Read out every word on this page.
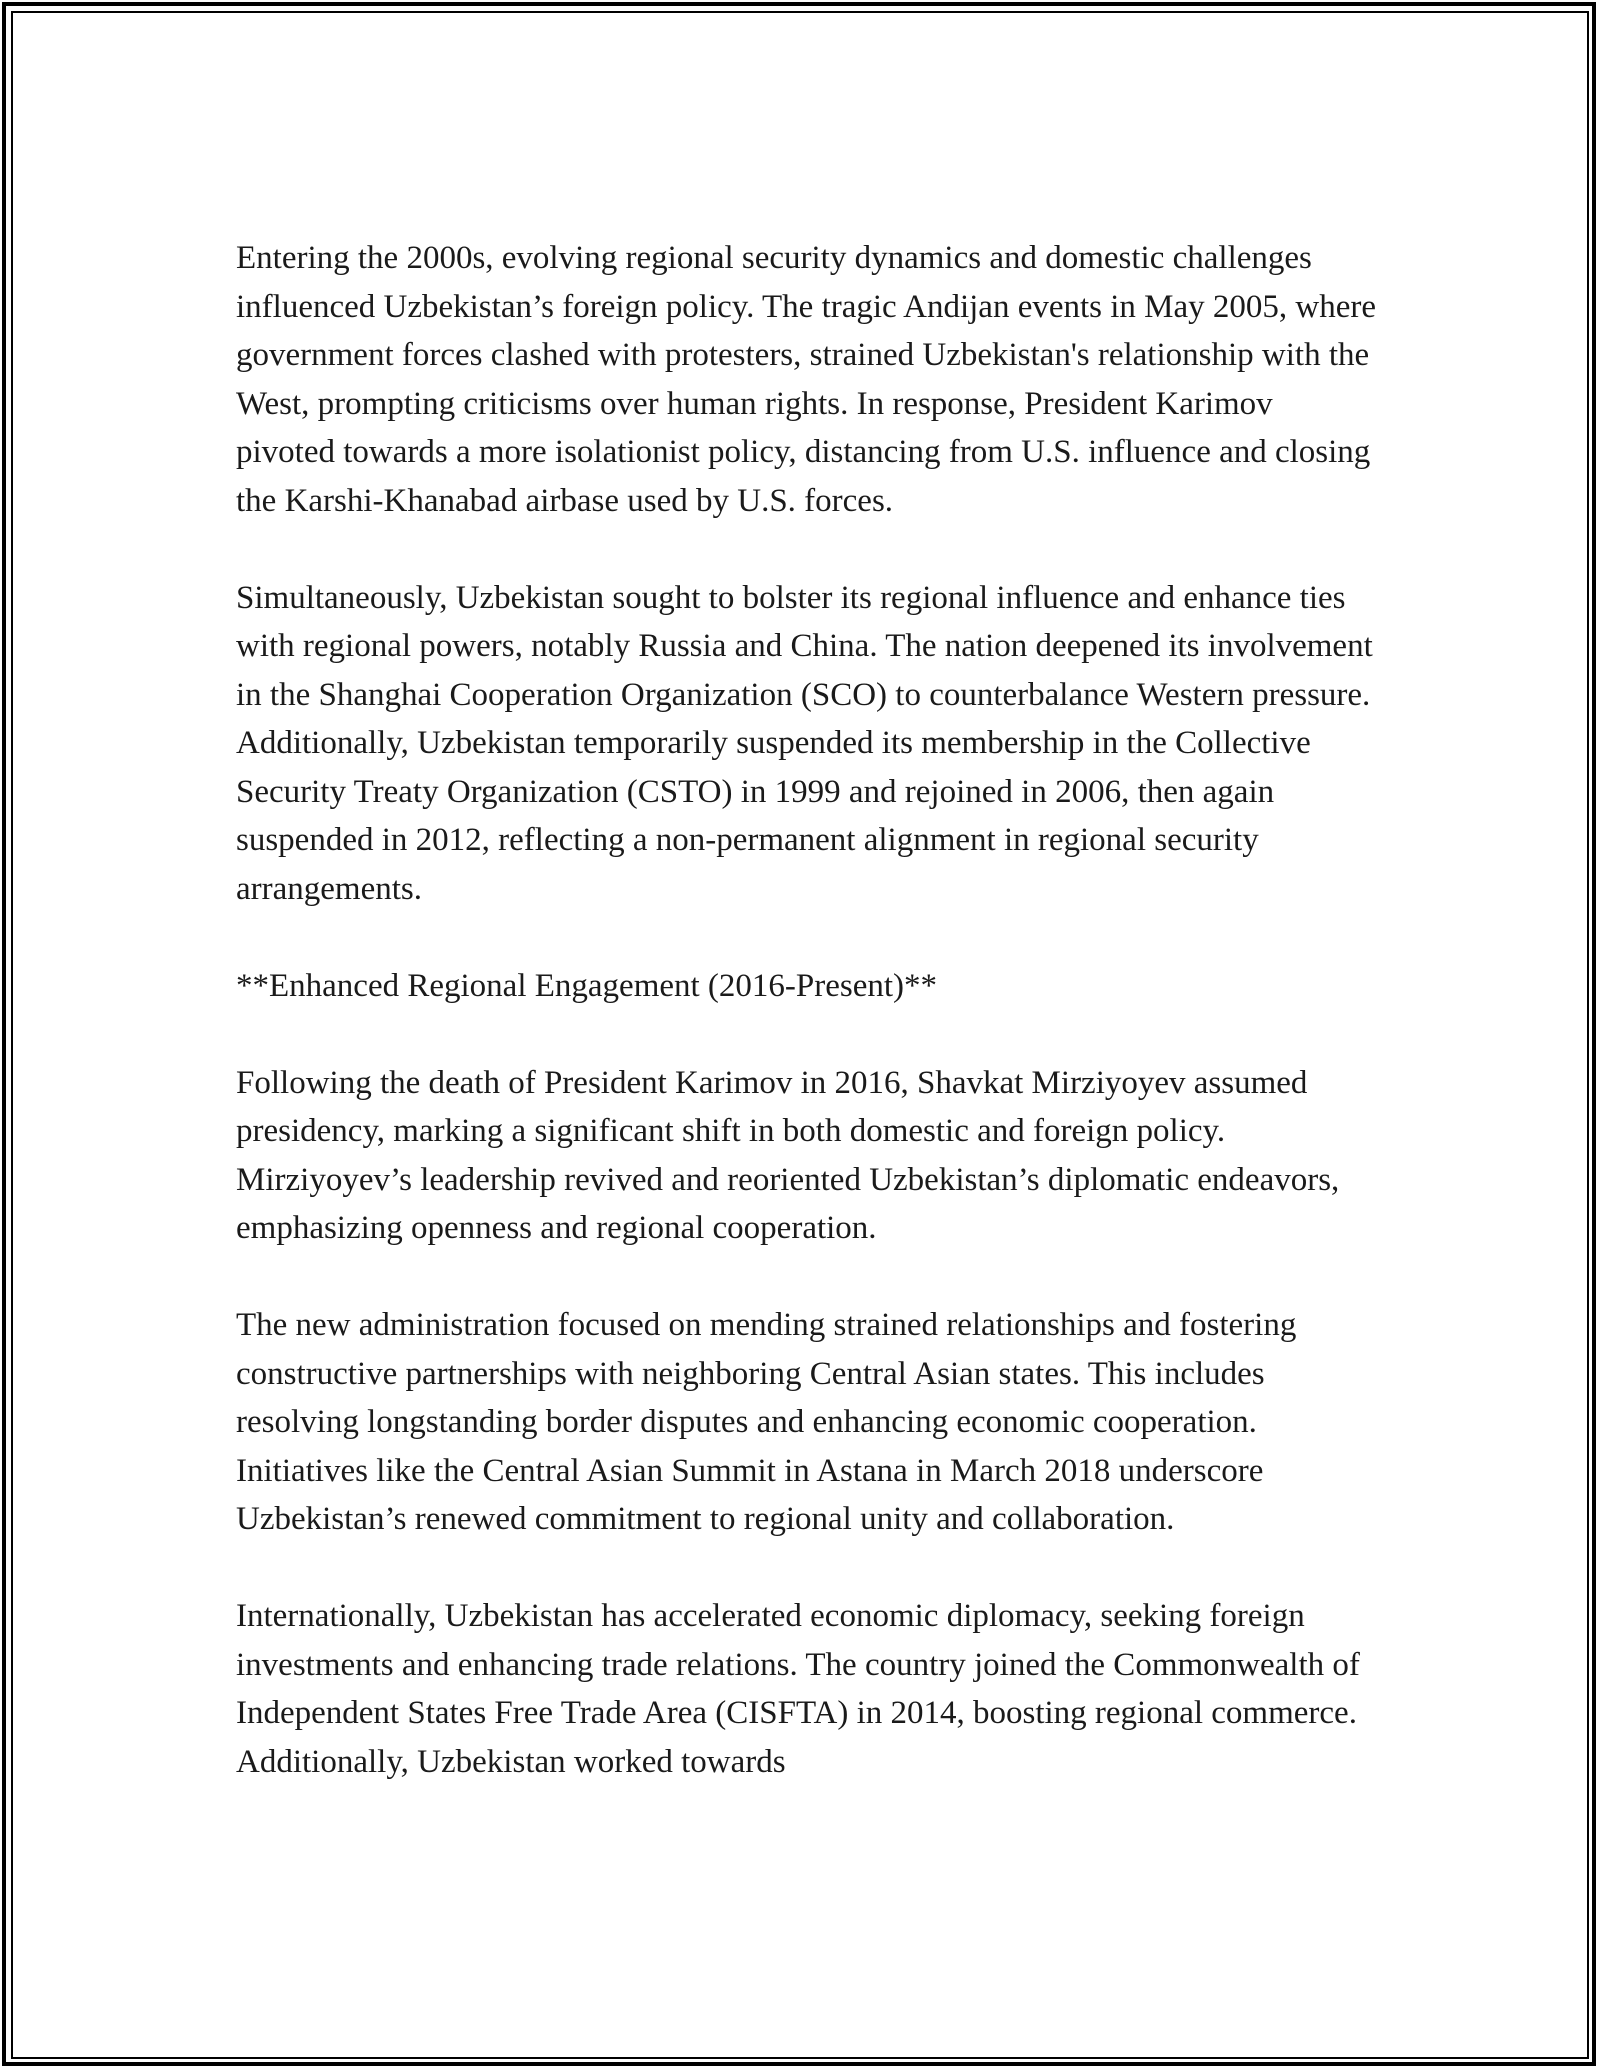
Entering the 2000s, evolving regional security dynamics and domestic challenges influenced Uzbekistan’s foreign policy. The tragic Andijan events in May 2005, where government forces clashed with protesters, strained Uzbekistan's relationship with the West, prompting criticisms over human rights. In response, President Karimov pivoted towards a more isolationist policy, distancing from U.S. influence and closing the Karshi-Khanabad airbase used by U.S. forces.

Simultaneously, Uzbekistan sought to bolster its regional influence and enhance ties with regional powers, notably Russia and China. The nation deepened its involvement in the Shanghai Cooperation Organization (SCO) to counterbalance Western pressure. Additionally, Uzbekistan temporarily suspended its membership in the Collective Security Treaty Organization (CSTO) in 1999 and rejoined in 2006, then again suspended in 2012, reflecting a non-permanent alignment in regional security arrangements.

**Enhanced Regional Engagement (2016-Present)**

Following the death of President Karimov in 2016, Shavkat Mirziyoyev assumed presidency, marking a significant shift in both domestic and foreign policy. Mirziyoyev’s leadership revived and reoriented Uzbekistan’s diplomatic endeavors, emphasizing openness and regional cooperation.

The new administration focused on mending strained relationships and fostering constructive partnerships with neighboring Central Asian states. This includes resolving longstanding border disputes and enhancing economic cooperation. Initiatives like the Central Asian Summit in Astana in March 2018 underscore Uzbekistan’s renewed commitment to regional unity and collaboration.

Internationally, Uzbekistan has accelerated economic diplomacy, seeking foreign investments and enhancing trade relations. The country joined the Commonwealth of Independent States Free Trade Area (CISFTA) in 2014, boosting regional commerce. Additionally, Uzbekistan worked towards
